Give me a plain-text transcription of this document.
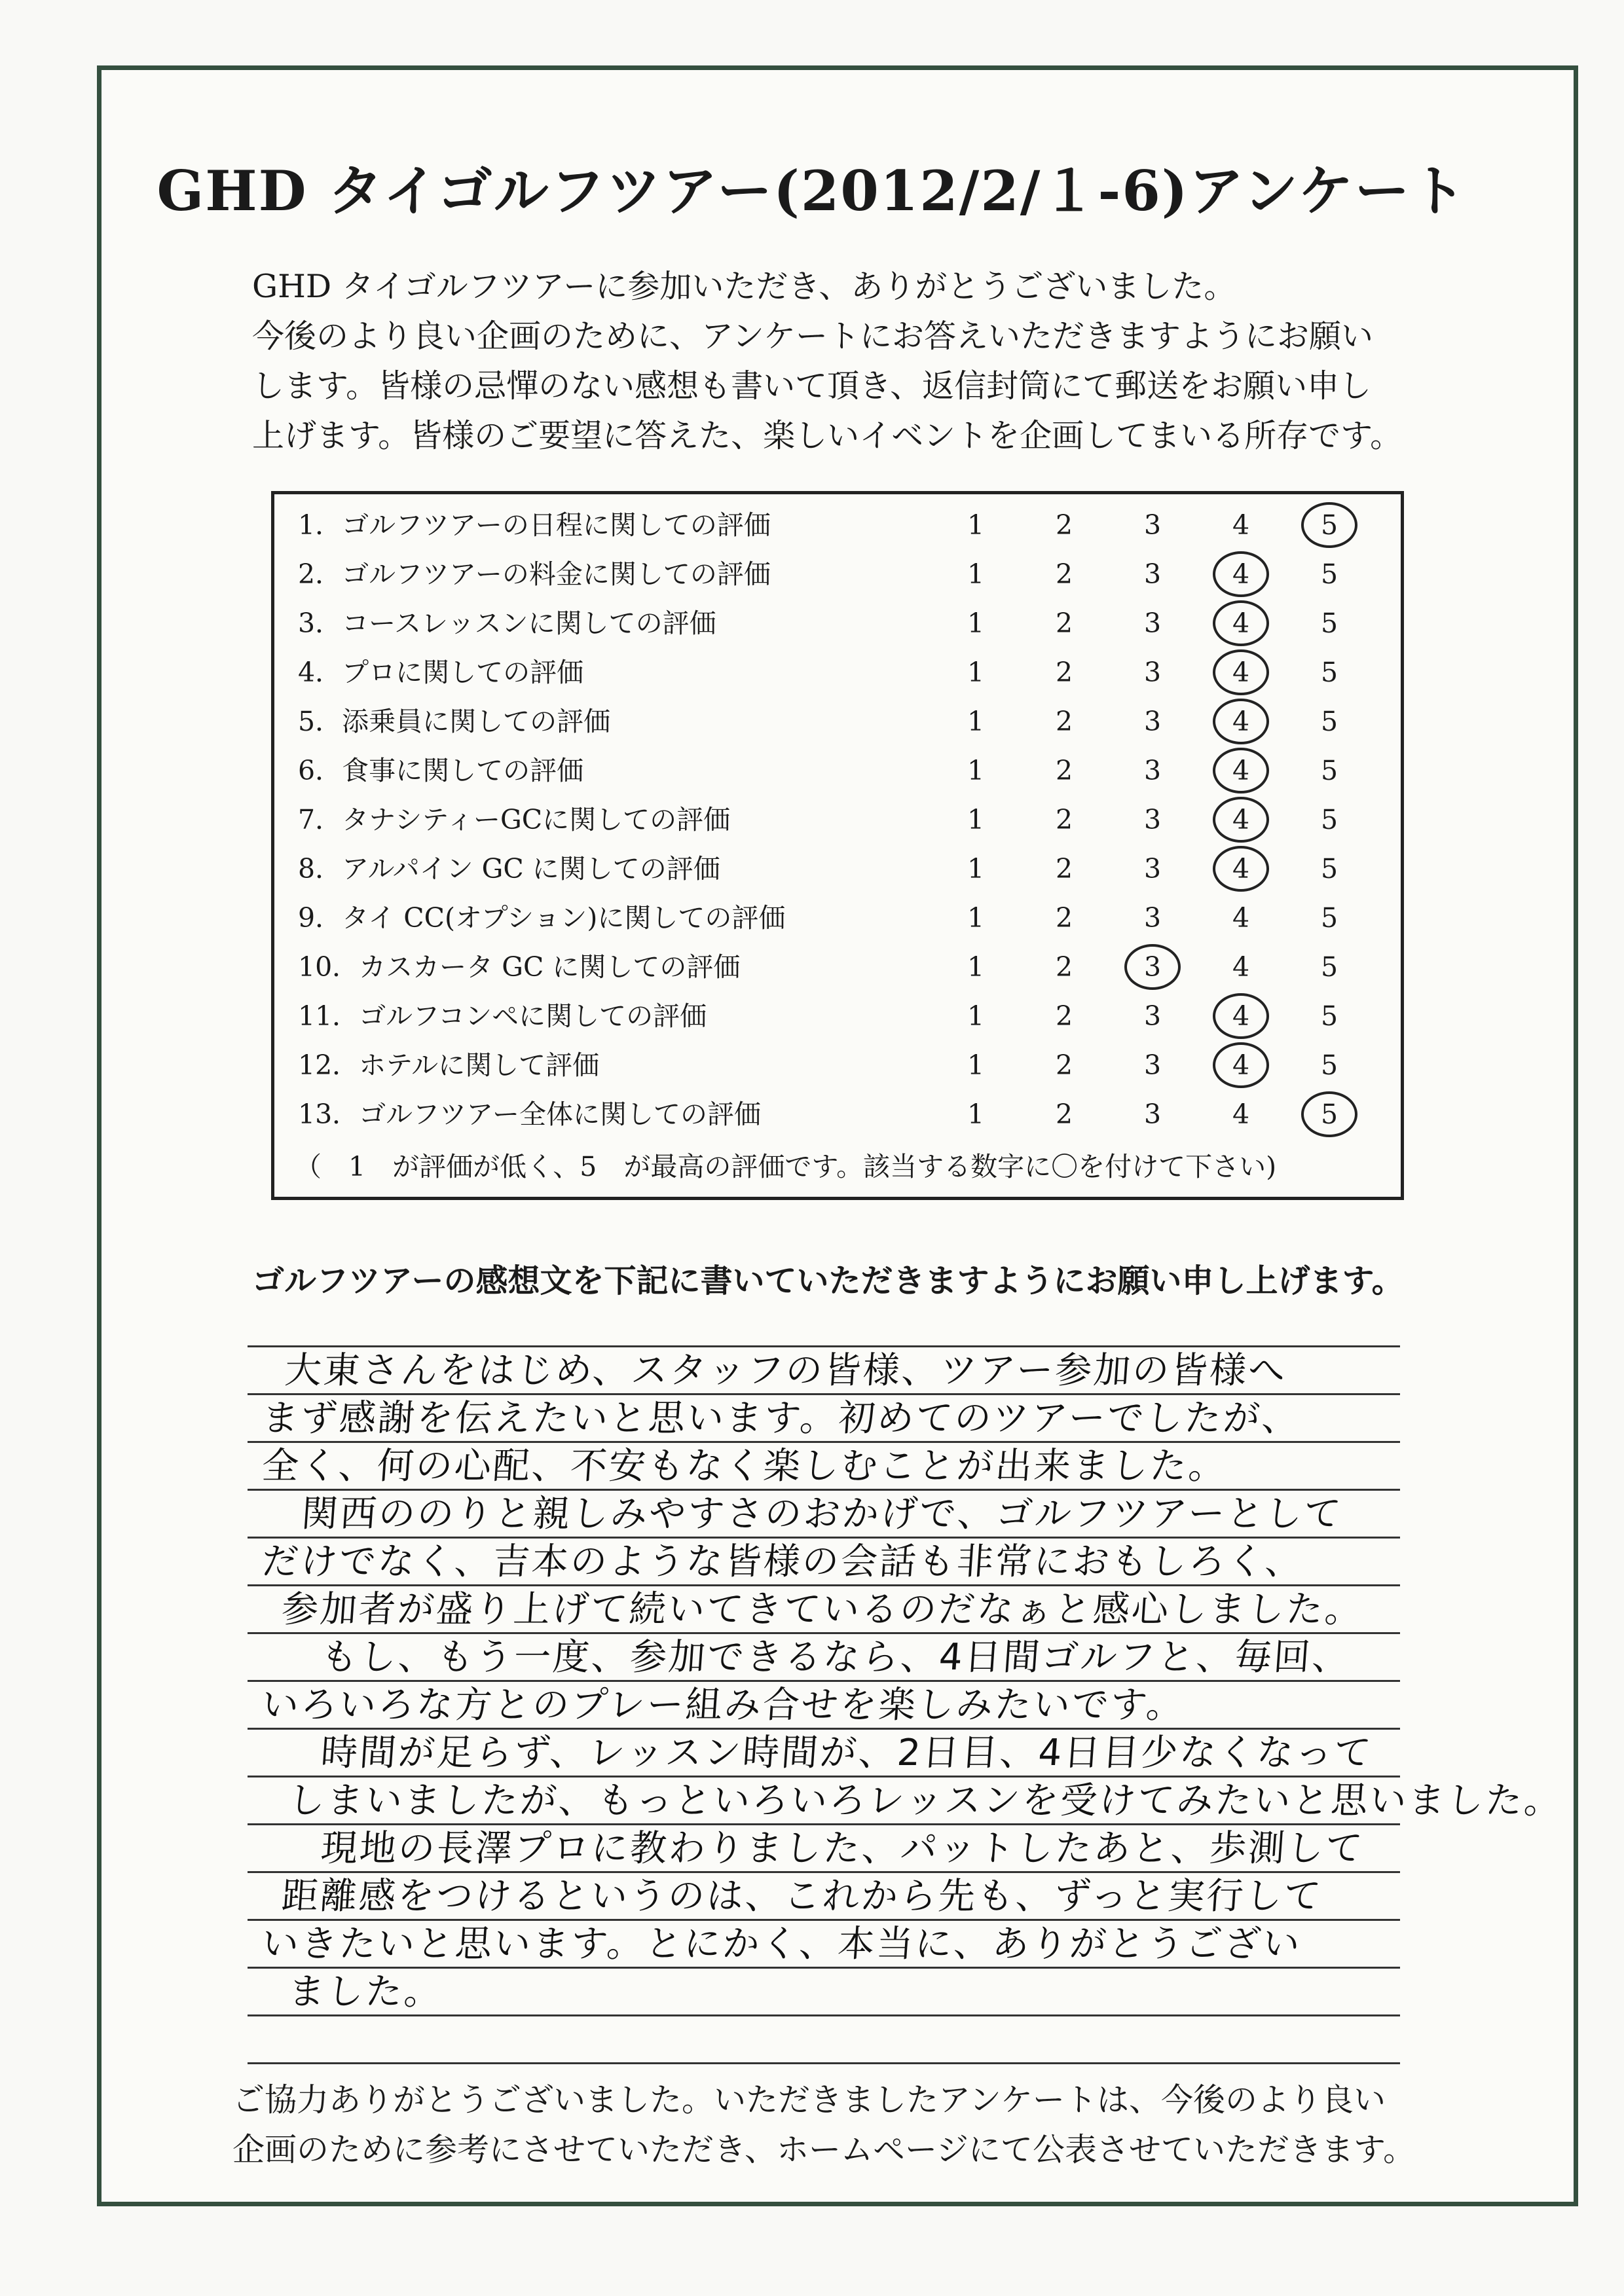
GHD タイゴルフツアー(2012/2/１-6)アンケート
GHD タイゴルフツアーに参加いただき、ありがとうございました。
今後のより良い企画のために、アンケートにお答えいただきますようにお願い
します。皆様の忌憚のない感想も書いて頂き、返信封筒にて郵送をお願い申し
上げます。皆様のご要望に答えた、楽しいイベントを企画してまいる所存です。
1．ゴルフツアーの日程に関しての評価	1	2	3	4	5
2．ゴルフツアーの料金に関しての評価	1	2	3	4	5
3．コースレッスンに関しての評価	1	2	3	4	5
4．プロに関しての評価	1	2	3	4	5
5．添乗員に関しての評価	1	2	3	4	5
6．食事に関しての評価	1	2	3	4	5
7．タナシティーGCに関しての評価	1	2	3	4	5
8．アルパイン GC に関しての評価	1	2	3	4	5
9．タイ CC(オプション)に関しての評価	1	2	3	4	5
10．カスカータ GC に関しての評価	1	2	3	4	5
11．ゴルフコンペに関しての評価	1	2	3	4	5
12．ホテルに関して評価	1	2	3	4	5
13．ゴルフツアー全体に関しての評価	1	2	3	4	5
（　1　が評価が低く、5　が最高の評価です。該当する数字に〇を付けて下さい)
ゴルフツアーの感想文を下記に書いていただきますようにお願い申し上げます。
大東さんをはじめ、スタッフの皆様、ツアー参加の皆様へ
まず感謝を伝えたいと思います。初めてのツアーでしたが、
全く、何の心配、不安もなく楽しむことが出来ました。
関西ののりと親しみやすさのおかげで、ゴルフツアーとして
だけでなく、吉本のような皆様の会話も非常におもしろく、
参加者が盛り上げて続いてきているのだなぁと感心しました。
もし、もう一度、参加できるなら、4日間ゴルフと、毎回、
いろいろな方とのプレー組み合せを楽しみたいです。
時間が足らず、レッスン時間が、2日目、4日目少なくなって
しまいましたが、もっといろいろレッスンを受けてみたいと思いました。
現地の長澤プロに教わりました、パットしたあと、歩測して
距離感をつけるというのは、これから先も、ずっと実行して
いきたいと思います。とにかく、本当に、ありがとうござい
ました。
ご協力ありがとうございました。いただきましたアンケートは、今後のより良い
企画のために参考にさせていただき、ホームページにて公表させていただきます。
